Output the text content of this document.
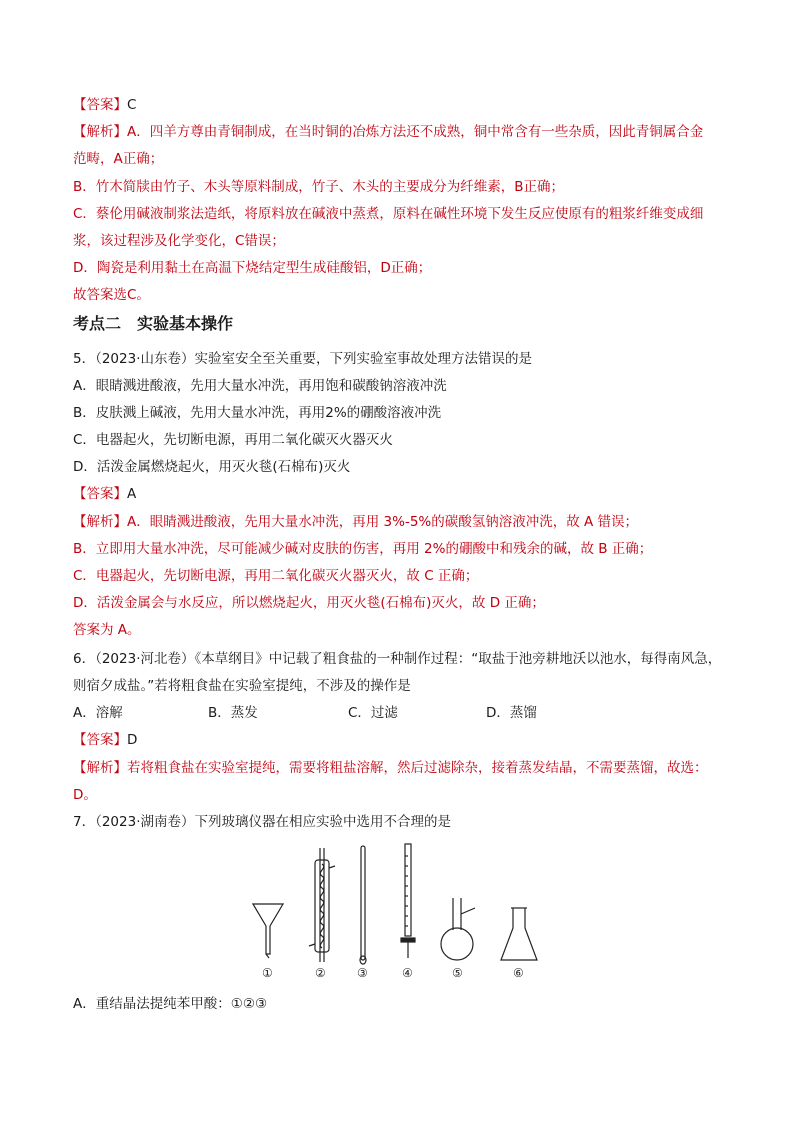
【答案】C
【解析】A．四羊方尊由青铜制成，在当时铜的冶炼方法还不成熟，铜中常含有一些杂质，因此青铜属合金
范畴，A正确；
B．竹木简牍由竹子、木头等原料制成，竹子、木头的主要成分为纤维素，B正确；
C．蔡伦用碱液制浆法造纸，将原料放在碱液中蒸煮，原料在碱性环境下发生反应使原有的粗浆纤维变成细
浆，该过程涉及化学变化，C错误；
D．陶瓷是利用黏土在高温下烧结定型生成硅酸铝，D正确；
故答案选C。
考点二　实验基本操作
5．（2023·山东卷）实验室安全至关重要，下列实验室事故处理方法错误的是
A．眼睛溅进酸液，先用大量水冲洗，再用饱和碳酸钠溶液冲洗
B．皮肤溅上碱液，先用大量水冲洗，再用2%的硼酸溶液冲洗
C．电器起火，先切断电源，再用二氧化碳灭火器灭火
D．活泼金属燃烧起火，用灭火毯(石棉布)灭火
【答案】A
【解析】A．眼睛溅进酸液，先用大量水冲洗，再用 3%-5%的碳酸氢钠溶液冲洗，故 A 错误；
B．立即用大量水冲洗，尽可能减少碱对皮肤的伤害，再用 2%的硼酸中和残余的碱，故 B 正确；
C．电器起火，先切断电源，再用二氧化碳灭火器灭火，故 C 正确；
D．活泼金属会与水反应，所以燃烧起火，用灭火毯(石棉布)灭火，故 D 正确；
答案为 A。
6．（2023·河北卷）《本草纲目》中记载了粗食盐的一种制作过程：“取盐于池旁耕地沃以池水，每得南风急，
则宿夕成盐。”若将粗食盐在实验室提纯，不涉及的操作是
A．溶解	B．蒸发	C．过滤	D．蒸馏
【答案】D
【解析】若将粗食盐在实验室提纯，需要将粗盐溶解，然后过滤除杂，接着蒸发结晶，不需要蒸馏，故选：
D。
7．（2023·湖南卷）下列玻璃仪器在相应实验中选用不合理的是
①	②	③	④	⑤	⑥
A．重结晶法提纯苯甲酸：①②③
